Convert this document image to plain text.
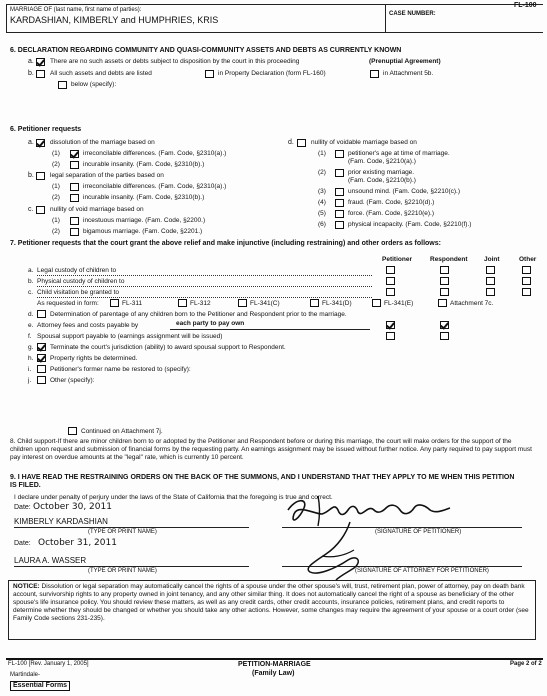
MARRIAGE OF (last name, first name of parties):
KARDASHIAN, KIMBERLY and HUMPHRIES, KRIS
CASE NUMBER:
FL-100
6. DECLARATION REGARDING COMMUNITY AND QUASI-COMMUNITY ASSETS AND DEBTS AS CURRENTLY KNOWN
a. There are no such assets or debts subject to disposition by the court in this proceeding	(Prenuptial Agreement)
b. All such assets and debts are listed	in Property Declaration (form FL-160)	in Attachment 5b.
below (specify):
6. Petitioner requests
a. dissolution of the marriage based on
(1)	irreconcilable differences. (Fam. Code, §2310(a).)
(2)	incurable insanity. (Fam. Code, §2310(b).)
b. legal separation of the parties based on
(1)	irreconcilable differences. (Fam. Code, §2310(a).)
(2)	incurable insanity. (Fam. Code, §2310(b).)
c.	nullity of void marriage based on
(1)	incestuous marriage. (Fam. Code, §2200.)
(2)	bigamous marriage. (Fam. Code, §2201.)
d.	nullity of voidable marriage based on
(1)	petitioner's age at time of marriage.
(Fam. Code, §2210(a).)
(2)	prior existing marriage.
(Fam. Code, §2210(b).)
(3)	unsound mind. (Fam. Code, §2210(c).)
(4)	fraud. (Fam. Code, §2210(d).)
(5)	force. (Fam. Code, §2210(e).)
(6)	physical incapacity. (Fam. Code, §2210(f).)
7. Petitioner requests that the court grant the above relief and make injunctive (including restraining) and other orders as follows:
Petitioner	Respondent	Joint	Other
a. Legal custody of children to
b. Physical custody of children to
c. Child visitation be granted to
As requested in form:	FL-311	FL-312	FL-341(C)	FL-341(D)	FL-341(E)	Attachment 7c.
d.	Determination of parentage of any children born to the Petitioner and Respondent prior to the marriage.
e. Attorney fees and costs payable by	each party to pay own
f. Spousal support payable to (earnings assignment will be issued)
g.	Terminate the court's jurisdiction (ability) to award spousal support to Respondent.
h.	Property rights be determined.
i.	Petitioner's former name be restored to (specify):
j.	Other (specify):
Continued on Attachment 7j.
8. Child support-If there are minor children born to or adopted by the Petitioner and Respondent before or during this marriage, the court will make orders for the support of the children upon request and submission of financial forms by the requesting party. An earnings assignment may be issued without further notice. Any party required to pay support must pay interest on overdue amounts at the "legal" rate, which is currently 10 percent.
9. I HAVE READ THE RESTRAINING ORDERS ON THE BACK OF THE SUMMONS, AND I UNDERSTAND THAT THEY APPLY TO ME WHEN THIS PETITION IS FILED.
I declare under penalty of perjury under the laws of the State of California that the foregoing is true and correct.
Date: October 30, 2011
KIMBERLY KARDASHIAN
(TYPE OR PRINT NAME)	(SIGNATURE OF PETITIONER)
Date: October 31, 2011
LAURA A. WASSER
(TYPE OR PRINT NAME)	(SIGNATURE OF ATTORNEY FOR PETITIONER)
NOTICE: Dissolution or legal separation may automatically cancel the rights of a spouse under the other spouse's will, trust, retirement plan, power of attorney, pay on death bank account, survivorship rights to any property owned in joint tenancy, and any other similar thing. It does not automatically cancel the right of a spouse as beneficiary of the other spouse's life insurance policy. You should review these matters, as well as any credit cards, other credit accounts, insurance policies, retirement plans, and credit reports to determine whether they should be changed or whether you should take any other actions. However, some changes may require the agreement of your spouse or a court order (see Family Code sections 231-235).
FL-100 [Rev. January 1, 2005]	PETITION-MARRIAGE
(Family Law)
Page 2 of 2
Martindale-
Essential Forms
